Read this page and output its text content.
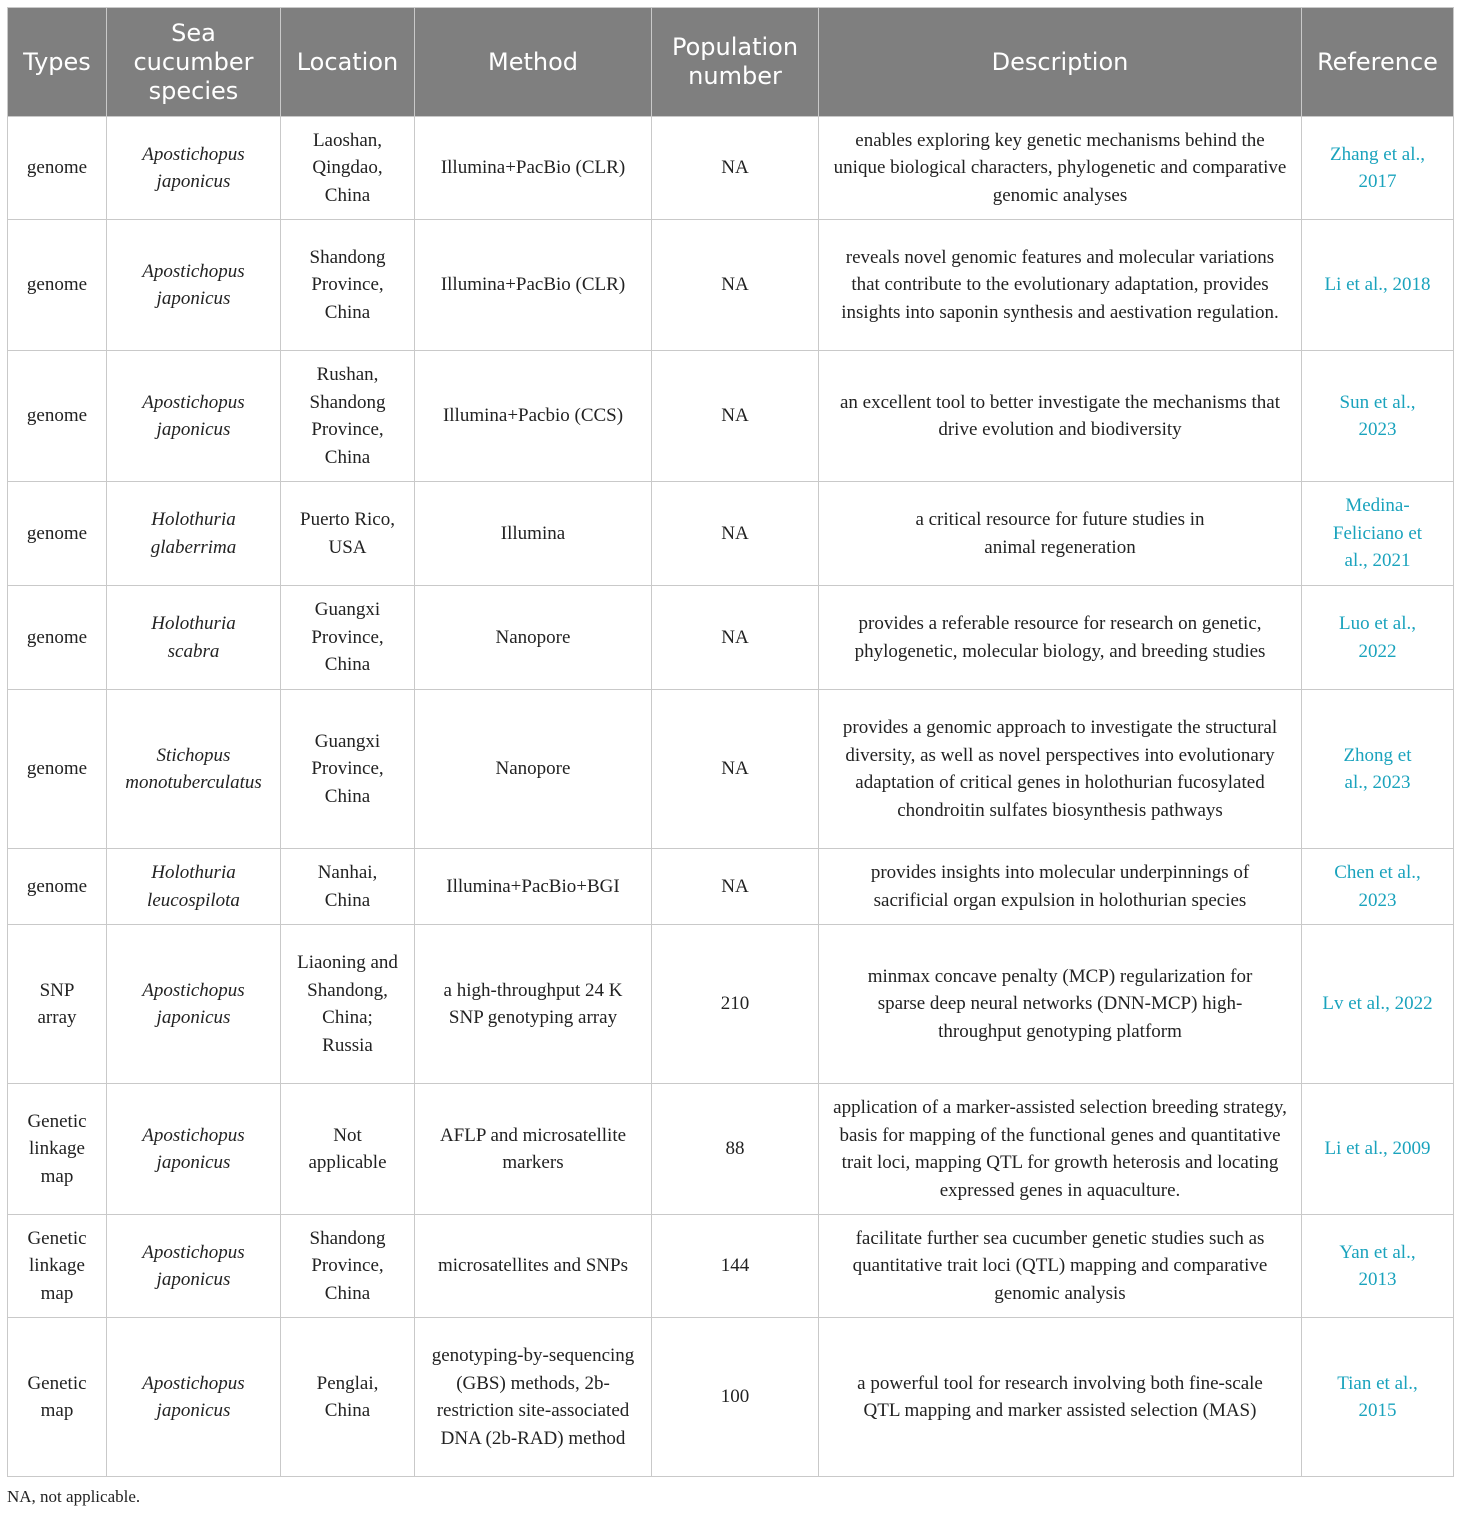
Types	Sea cucumber species	Location	Method	Population number	Description	Reference
genome	Apostichopus japonicus	Laoshan, Qingdao, China	Illumina+PacBio (CLR)	NA	enables exploring key genetic mechanisms behind the unique biological characters, phylogenetic and comparative genomic analyses	Zhang et al., 2017
genome	Apostichopus japonicus	Shandong Province, China	Illumina+PacBio (CLR)	NA	reveals novel genomic features and molecular variations that contribute to the evolutionary adaptation, provides insights into saponin synthesis and aestivation regulation.	Li et al., 2018
genome	Apostichopus japonicus	Rushan, Shandong Province, China	Illumina+Pacbio (CCS)	NA	an excellent tool to better investigate the mechanisms that drive evolution and biodiversity	Sun et al., 2023
genome	Holothuria glaberrima	Puerto Rico, USA	Illumina	NA	a critical resource for future studies in animal regeneration	Medina-Feliciano et al., 2021
genome	Holothuria scabra	Guangxi Province, China	Nanopore	NA	provides a referable resource for research on genetic, phylogenetic, molecular biology, and breeding studies	Luo et al., 2022
genome	Stichopus monotuberculatus	Guangxi Province, China	Nanopore	NA	provides a genomic approach to investigate the structural diversity, as well as novel perspectives into evolutionary adaptation of critical genes in holothurian fucosylated chondroitin sulfates biosynthesis pathways	Zhong et al., 2023
genome	Holothuria leucospilota	Nanhai, China	Illumina+PacBio+BGI	NA	provides insights into molecular underpinnings of sacrificial organ expulsion in holothurian species	Chen et al., 2023
SNP array	Apostichopus japonicus	Liaoning and Shandong, China; Russia	a high-throughput 24 K SNP genotyping array	210	minmax concave penalty (MCP) regularization for sparse deep neural networks (DNN-MCP) high-throughput genotyping platform	Lv et al., 2022
Genetic linkage map	Apostichopus japonicus	Not applicable	AFLP and microsatellite markers	88	application of a marker-assisted selection breeding strategy, basis for mapping of the functional genes and quantitative trait loci, mapping QTL for growth heterosis and locating expressed genes in aquaculture.	Li et al., 2009
Genetic linkage map	Apostichopus japonicus	Shandong Province, China	microsatellites and SNPs	144	facilitate further sea cucumber genetic studies such as quantitative trait loci (QTL) mapping and comparative genomic analysis	Yan et al., 2013
Genetic map	Apostichopus japonicus	Penglai, China	genotyping-by-sequencing (GBS) methods, 2b-restriction site-associated DNA (2b-RAD) method	100	a powerful tool for research involving both fine-scale QTL mapping and marker assisted selection (MAS)	Tian et al., 2015
NA, not applicable.
